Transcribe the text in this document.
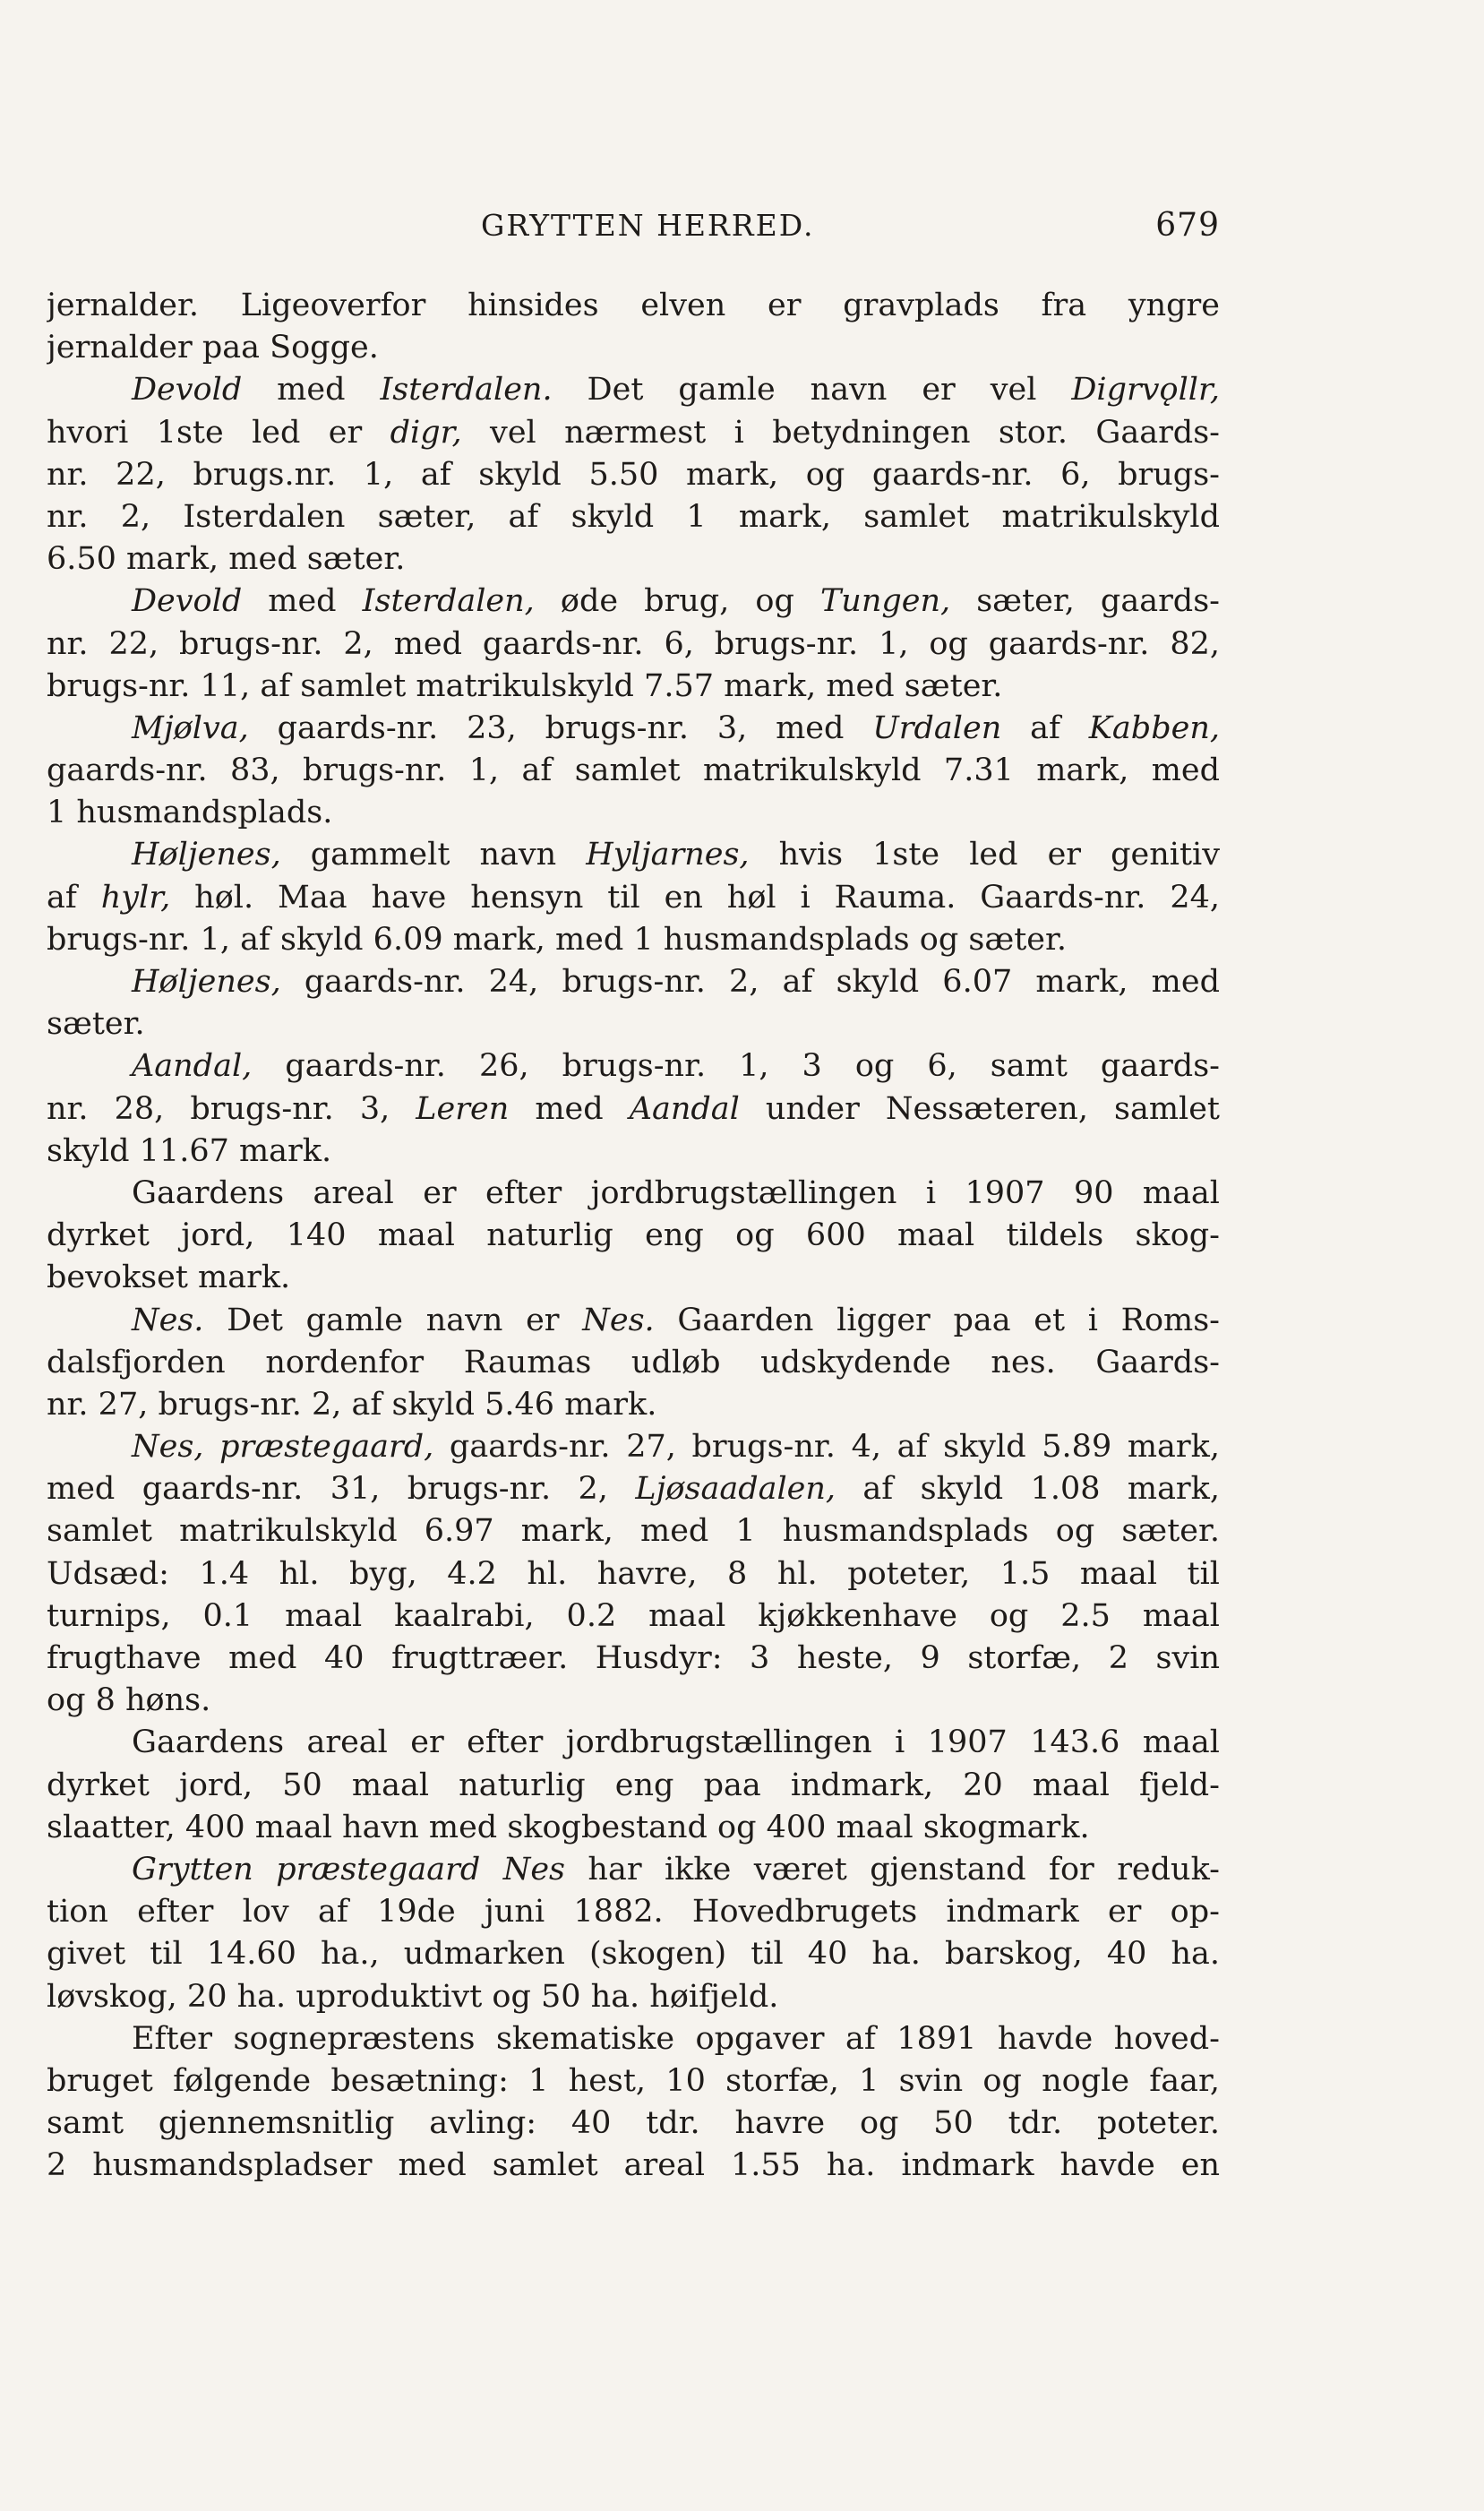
GRYTTEN HERRED.	679
jernalder. Ligeoverfor hinsides elven er gravplads fra yngre
jernalder paa Sogge.
Devold med Isterdalen. Det gamle navn er vel Digrvǫllr,
hvori 1ste led er digr, vel nærmest i betydningen stor. Gaards-
nr. 22, brugs.nr. 1, af skyld 5.50 mark, og gaards-nr. 6, brugs-
nr. 2, Isterdalen sæter, af skyld 1 mark, samlet matrikulskyld
6.50 mark, med sæter.
Devold med Isterdalen, øde brug, og Tungen, sæter, gaards-
nr. 22, brugs-nr. 2, med gaards-nr. 6, brugs-nr. 1, og gaards-nr. 82,
brugs-nr. 11, af samlet matrikulskyld 7.57 mark, med sæter.
Mjølva, gaards-nr. 23, brugs-nr. 3, med Urdalen af Kabben,
gaards-nr. 83, brugs-nr. 1, af samlet matrikulskyld 7.31 mark, med
1 husmandsplads.
Høljenes, gammelt navn Hyljarnes, hvis 1ste led er genitiv
af hylr, høl. Maa have hensyn til en høl i Rauma. Gaards-nr. 24,
brugs-nr. 1, af skyld 6.09 mark, med 1 husmandsplads og sæter.
Høljenes, gaards-nr. 24, brugs-nr. 2, af skyld 6.07 mark, med
sæter.
Aandal, gaards-nr. 26, brugs-nr. 1, 3 og 6, samt gaards-
nr. 28, brugs-nr. 3, Leren med Aandal under Nessæteren, samlet
skyld 11.67 mark.
Gaardens areal er efter jordbrugstællingen i 1907 90 maal
dyrket jord, 140 maal naturlig eng og 600 maal tildels skog-
bevokset mark.
Nes. Det gamle navn er Nes. Gaarden ligger paa et i Roms-
dalsfjorden nordenfor Raumas udløb udskydende nes. Gaards-
nr. 27, brugs-nr. 2, af skyld 5.46 mark.
Nes, præstegaard, gaards-nr. 27, brugs-nr. 4, af skyld 5.89 mark,
med gaards-nr. 31, brugs-nr. 2, Ljøsaadalen, af skyld 1.08 mark,
samlet matrikulskyld 6.97 mark, med 1 husmandsplads og sæter.
Udsæd: 1.4 hl. byg, 4.2 hl. havre, 8 hl. poteter, 1.5 maal til
turnips, 0.1 maal kaalrabi, 0.2 maal kjøkkenhave og 2.5 maal
frugthave med 40 frugttræer. Husdyr: 3 heste, 9 storfæ, 2 svin
og 8 høns.
Gaardens areal er efter jordbrugstællingen i 1907 143.6 maal
dyrket jord, 50 maal naturlig eng paa indmark, 20 maal fjeld-
slaatter, 400 maal havn med skogbestand og 400 maal skogmark.
Grytten præstegaard Nes har ikke været gjenstand for reduk-
tion efter lov af 19de juni 1882. Hovedbrugets indmark er op-
givet til 14.60 ha., udmarken (skogen) til 40 ha. barskog, 40 ha.
løvskog, 20 ha. uproduktivt og 50 ha. høifjeld.
Efter sognepræstens skematiske opgaver af 1891 havde hoved-
bruget følgende besætning: 1 hest, 10 storfæ, 1 svin og nogle faar,
samt gjennemsnitlig avling: 40 tdr. havre og 50 tdr. poteter.
2 husmandspladser med samlet areal 1.55 ha. indmark havde en
